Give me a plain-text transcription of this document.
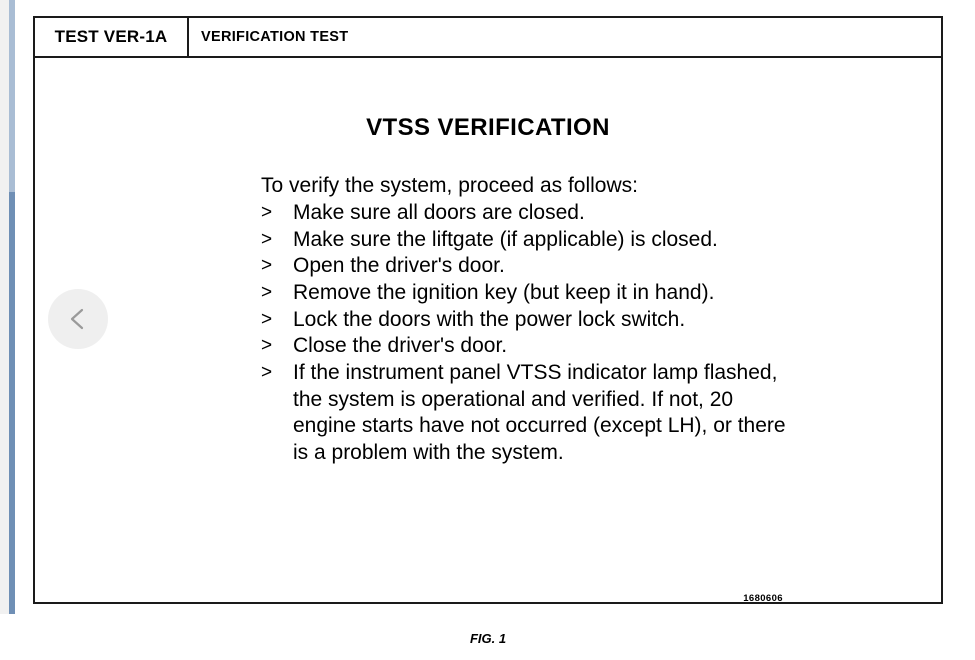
TEST VER-1A	VERIFICATION TEST
VTSS VERIFICATION
To verify the system, proceed as follows:
> Make sure all doors are closed.
> Make sure the liftgate (if applicable) is closed.
> Open the driver's door.
> Remove the ignition key (but keep it in hand).
> Lock the doors with the power lock switch.
> Close the driver's door.
> If the instrument panel VTSS indicator lamp flashed, the system is operational and verified. If not, 20 engine starts have not occurred (except LH), or there is a problem with the system.
1680606
FIG. 1
